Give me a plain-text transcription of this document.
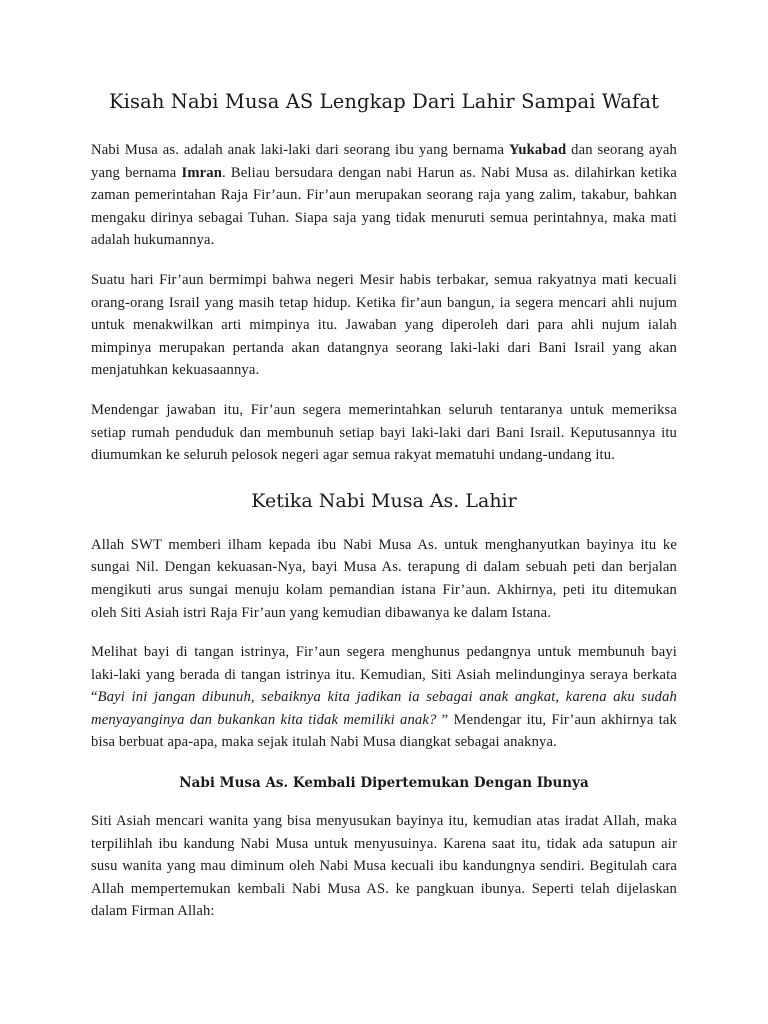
Kisah Nabi Musa AS Lengkap Dari Lahir Sampai Wafat

Nabi Musa as. adalah anak laki-laki dari seorang ibu yang bernama Yukabad dan seorang ayah yang bernama Imran. Beliau bersudara dengan nabi Harun as. Nabi Musa as. dilahirkan ketika zaman pemerintahan Raja Fir’aun. Fir’aun merupakan seorang raja yang zalim, takabur, bahkan mengaku dirinya sebagai Tuhan. Siapa saja yang tidak menuruti semua perintahnya, maka mati adalah hukumannya.

Suatu hari Fir’aun bermimpi bahwa negeri Mesir habis terbakar, semua rakyatnya mati kecuali orang-orang Israil yang masih tetap hidup. Ketika fir’aun bangun, ia segera mencari ahli nujum untuk menakwilkan arti mimpinya itu. Jawaban yang diperoleh dari para ahli nujum ialah mimpinya merupakan pertanda akan datangnya seorang laki-laki dari Bani Israil yang akan menjatuhkan kekuasaannya.

Mendengar jawaban itu, Fir’aun segera memerintahkan seluruh tentaranya untuk memeriksa setiap rumah penduduk dan membunuh setiap bayi laki-laki dari Bani Israil. Keputusannya itu diumumkan ke seluruh pelosok negeri agar semua rakyat mematuhi undang-undang itu.

Ketika Nabi Musa As. Lahir

Allah SWT memberi ilham kepada ibu Nabi Musa As. untuk menghanyutkan bayinya itu ke sungai Nil. Dengan kekuasan-Nya, bayi Musa As. terapung di dalam sebuah peti dan berjalan mengikuti arus sungai menuju kolam pemandian istana Fir’aun. Akhirnya, peti itu ditemukan oleh Siti Asiah istri Raja Fir’aun yang kemudian dibawanya ke dalam Istana.

Melihat bayi di tangan istrinya, Fir’aun segera menghunus pedangnya untuk membunuh bayi laki-laki yang berada di tangan istrinya itu. Kemudian, Siti Asiah melindunginya seraya berkata “Bayi ini jangan dibunuh, sebaiknya kita jadikan ia sebagai anak angkat, karena aku sudah menyayanginya dan bukankan kita tidak memiliki anak? ” Mendengar itu, Fir’aun akhirnya tak bisa berbuat apa-apa, maka sejak itulah Nabi Musa diangkat sebagai anaknya.

Nabi Musa As. Kembali Dipertemukan Dengan Ibunya

Siti Asiah mencari wanita yang bisa menyusukan bayinya itu, kemudian atas iradat Allah, maka terpilihlah ibu kandung Nabi Musa untuk menyusuinya. Karena saat itu, tidak ada satupun air susu wanita yang mau diminum oleh Nabi Musa kecuali ibu kandungnya sendiri. Begitulah cara Allah mempertemukan kembali Nabi Musa AS. ke pangkuan ibunya. Seperti telah dijelaskan dalam Firman Allah:
